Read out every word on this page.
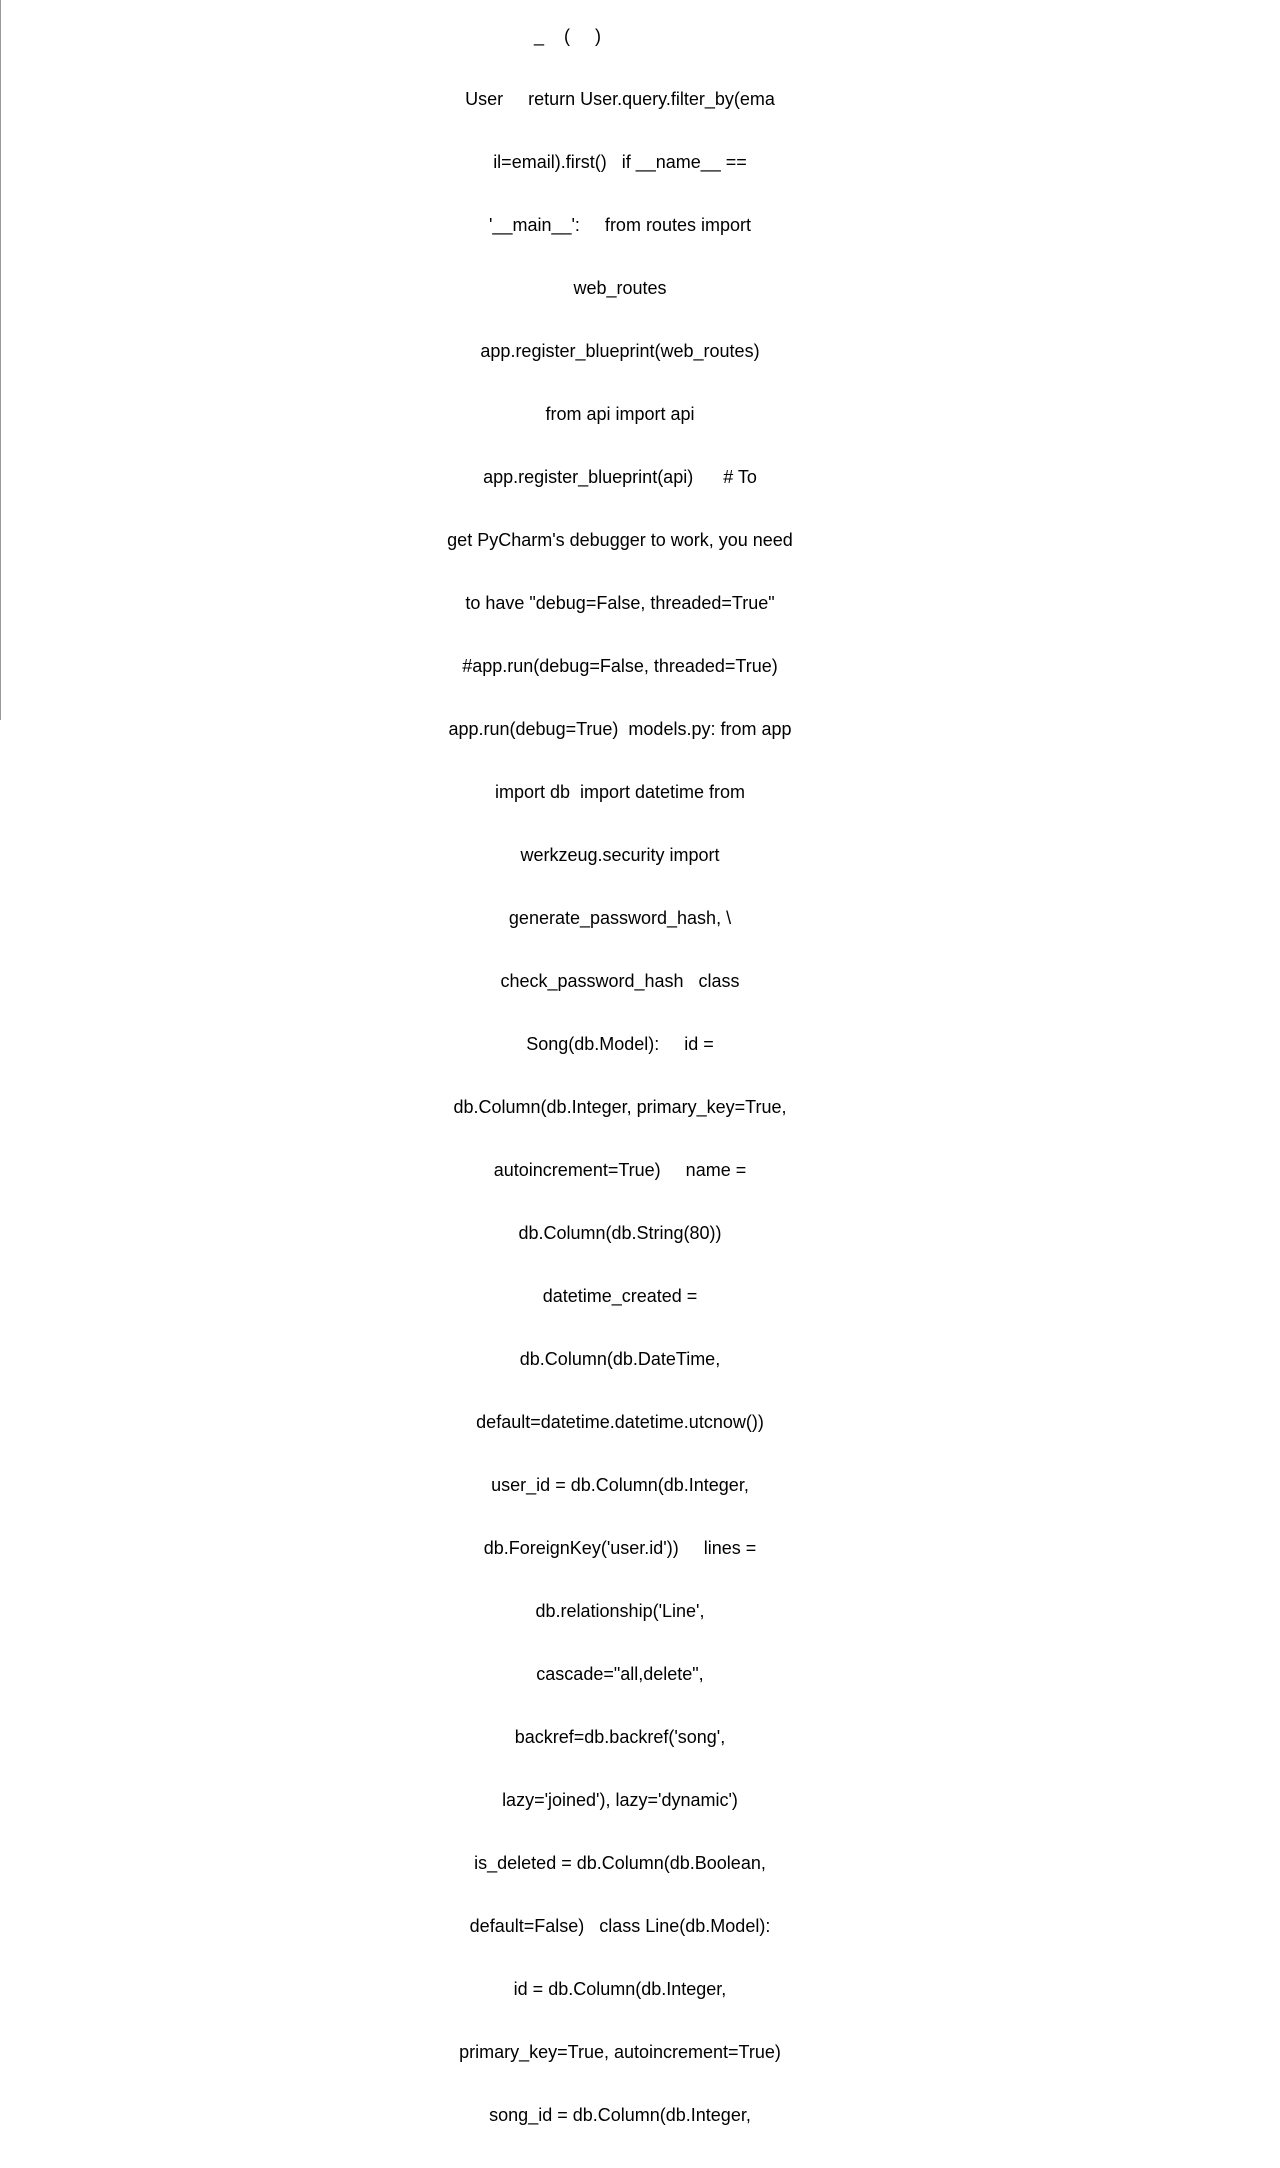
_    (     )

User     return User.query.filter_by(ema

il=email).first()   if __name__ ==

'__main__':     from routes import

web_routes

app.register_blueprint(web_routes)

from api import api

app.register_blueprint(api)      # To

get PyCharm's debugger to work, you need

to have "debug=False, threaded=True"

#app.run(debug=False, threaded=True)

app.run(debug=True)  models.py: from app

import db  import datetime from

werkzeug.security import

generate_password_hash, \

check_password_hash   class

Song(db.Model):     id =

db.Column(db.Integer, primary_key=True,

autoincrement=True)     name =

db.Column(db.String(80))

datetime_created =

db.Column(db.DateTime,

default=datetime.datetime.utcnow())

user_id = db.Column(db.Integer,

db.ForeignKey('user.id'))     lines =

db.relationship('Line',

cascade="all,delete",

backref=db.backref('song',

lazy='joined'), lazy='dynamic')

is_deleted = db.Column(db.Boolean,

default=False)   class Line(db.Model):

id = db.Column(db.Integer,

primary_key=True, autoincrement=True)

song_id = db.Column(db.Integer,
